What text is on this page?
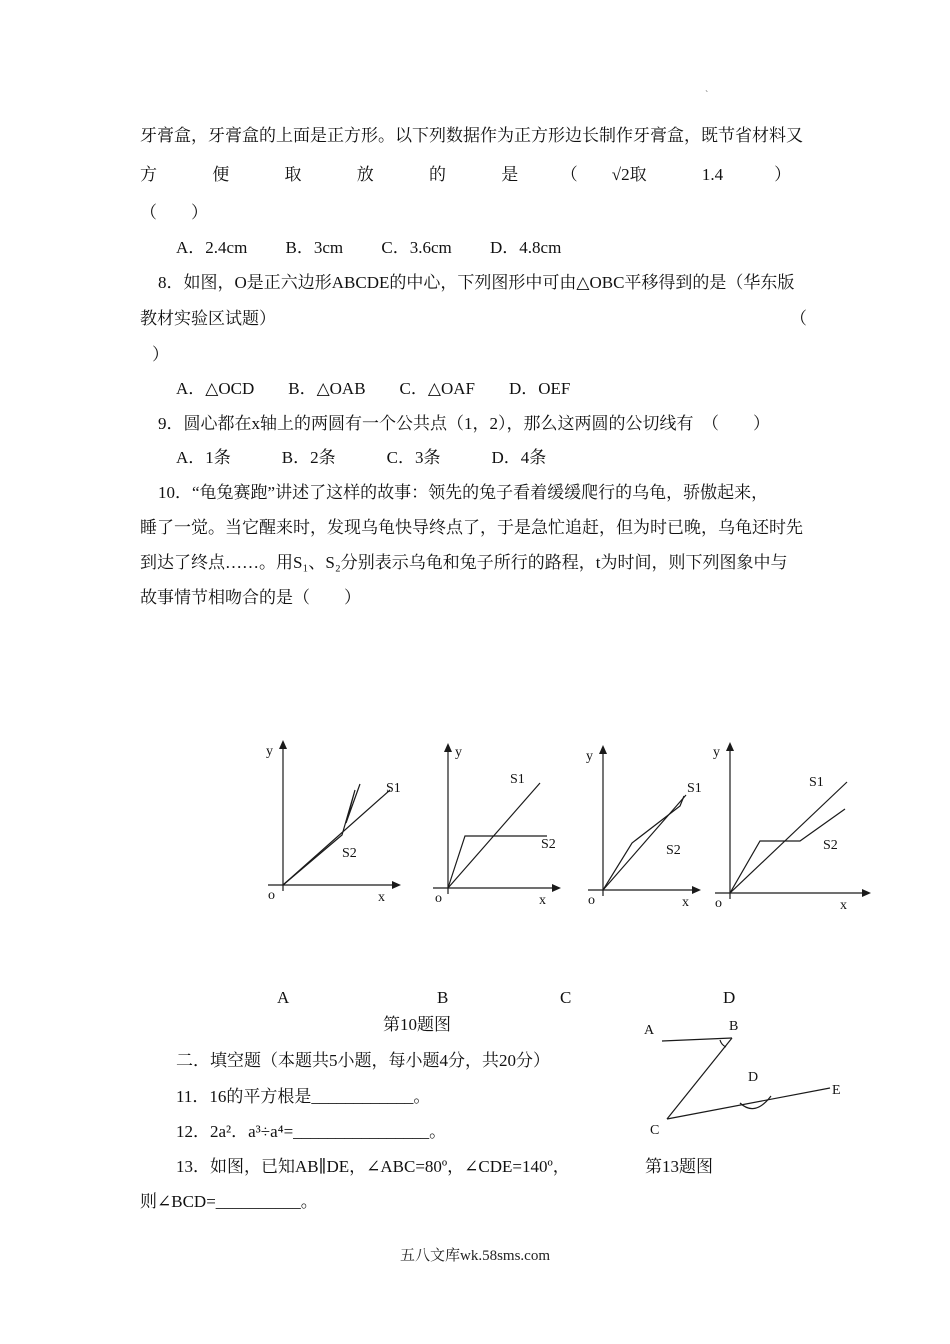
`
牙膏盒，牙膏盒的上面是正方形。以下列数据作为正方形边长制作牙膏盒，既节省材料又
方　　　 便　　　 取　　　 放　　　 的　　　 是　　　（　　√2取　　　 1.4　　　）
（　　）
A．2.4cm　　 B．3cm　　 C．3.6cm　　 D．4.8cm
8．如图，O是正六边形ABCDE的中心，下列图形中可由△OBC平移得到的是（华东版
教材实验区试题）	（
）
A．△OCD　　B．△OAB　　C．△OAF　　D．OEF
9．圆心都在x轴上的两圆有一个公共点（1，2），那么这两圆的公切线有　（　　）
A．1条　　　B．2条　　　C．3条　　　D．4条
10．“龟兔赛跑”讲述了这样的故事：领先的兔子看着缓缓爬行的乌龟，骄傲起来，
睡了一觉。当它醒来时，发现乌龟快导终点了，于是急忙追赶，但为时已晚，乌龟还时先
到达了终点……。用S₁、S₂分别表示乌龟和兔子所行的路程，t为时间，则下列图象中与
故事情节相吻合的是（　　）
y
o	x
S1
S2
y
o	x
S1
S2
y
o	x
S1
S2
y
o	x
S1
S2
A	B	C	D
第10题图
二．填空题（本题共5小题，每小题4分，共20分）
11．16的平方根是____________。
12．2a²．a³÷a⁴=________________。
13．如图，已知AB∥DE，∠ABC=80º，∠CDE=140º，	第13题图
则∠BCD=__________。
A	B
C
D
E
五八文库wk.58sms.com
